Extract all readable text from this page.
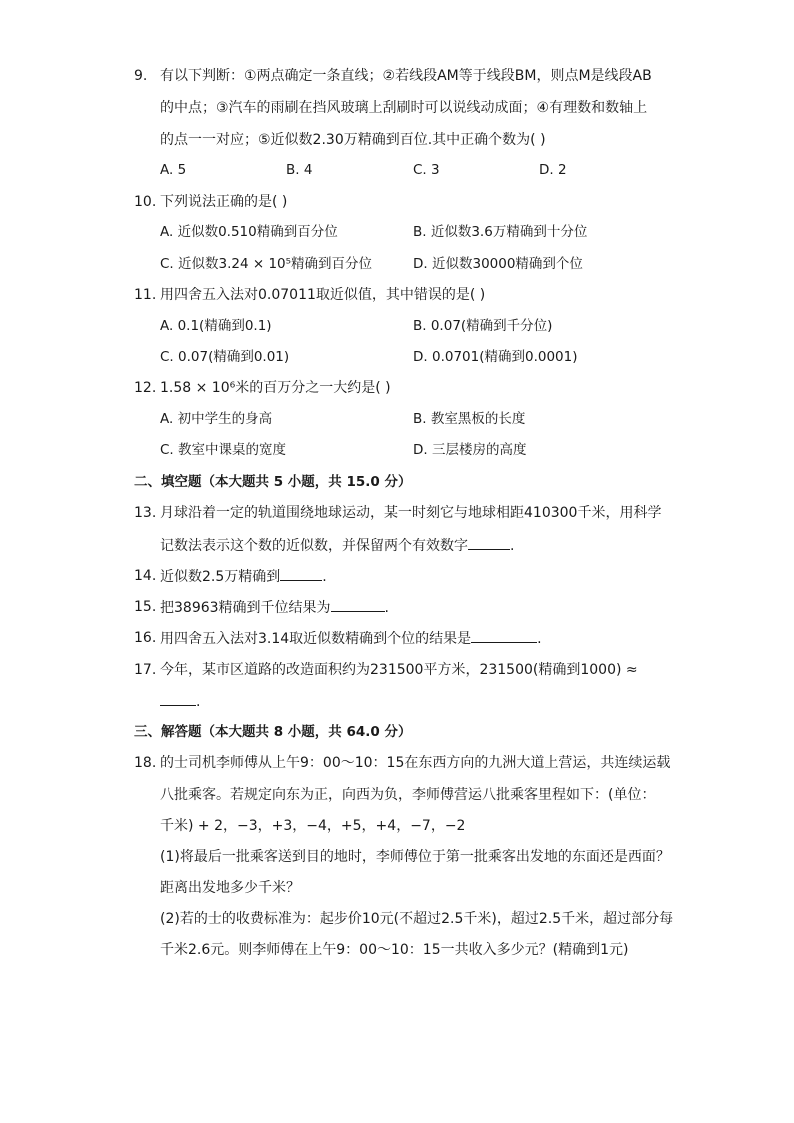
9. 有以下判断：①两点确定一条直线；②若线段AM等于线段BM，则点M是线段AB
的中点；③汽车的雨刷在挡风玻璃上刮刷时可以说线动成面；④有理数和数轴上
的点一一对应；⑤近似数2.30万精确到百位.其中正确个数为( )
A. 5	B. 4	C. 3	D. 2
10. 下列说法正确的是( )
A. 近似数0.510精确到百分位	B. 近似数3.6万精确到十分位
C. 近似数3.24 × 10⁵精确到百分位	D. 近似数30000精确到个位
11. 用四舍五入法对0.07011取近似值，其中错误的是( )
A. 0.1(精确到0.1)	B. 0.07(精确到千分位)
C. 0.07(精确到0.01)	D. 0.0701(精确到0.0001)
12. 1.58 × 10⁶米的百万分之一大约是( )
A. 初中学生的身高	B. 教室黑板的长度
C. 教室中课桌的宽度	D. 三层楼房的高度
二、填空题（本大题共 5 小题，共 15.0 分）
13. 月球沿着一定的轨道围绕地球运动，某一时刻它与地球相距410300千米，用科学
记数法表示这个数的近似数，并保留两个有效数字	.
14. 近似数2.5万精确到	.
15. 把38963精确到千位结果为	.
16. 用四舍五入法对3.14取近似数精确到个位的结果是	.
17. 今年，某市区道路的改造面积约为231500平方米，231500(精确到1000) ≈
.
三、解答题（本大题共 8 小题，共 64.0 分）
18. 的士司机李师傅从上午9：00～10：15在东西方向的九洲大道上营运，共连续运载
八批乘客。若规定向东为正，向西为负，李师傅营运八批乘客里程如下：(单位：
千米) + 2，−3，+3，−4，+5，+4，−7，−2
(1)将最后一批乘客送到目的地时，李师傅位于第一批乘客出发地的东面还是西面？
距离出发地多少千米？
(2)若的士的收费标准为：起步价10元(不超过2.5千米)，超过2.5千米，超过部分每
千米2.6元。则李师傅在上午9：00～10：15一共收入多少元？(精确到1元)
